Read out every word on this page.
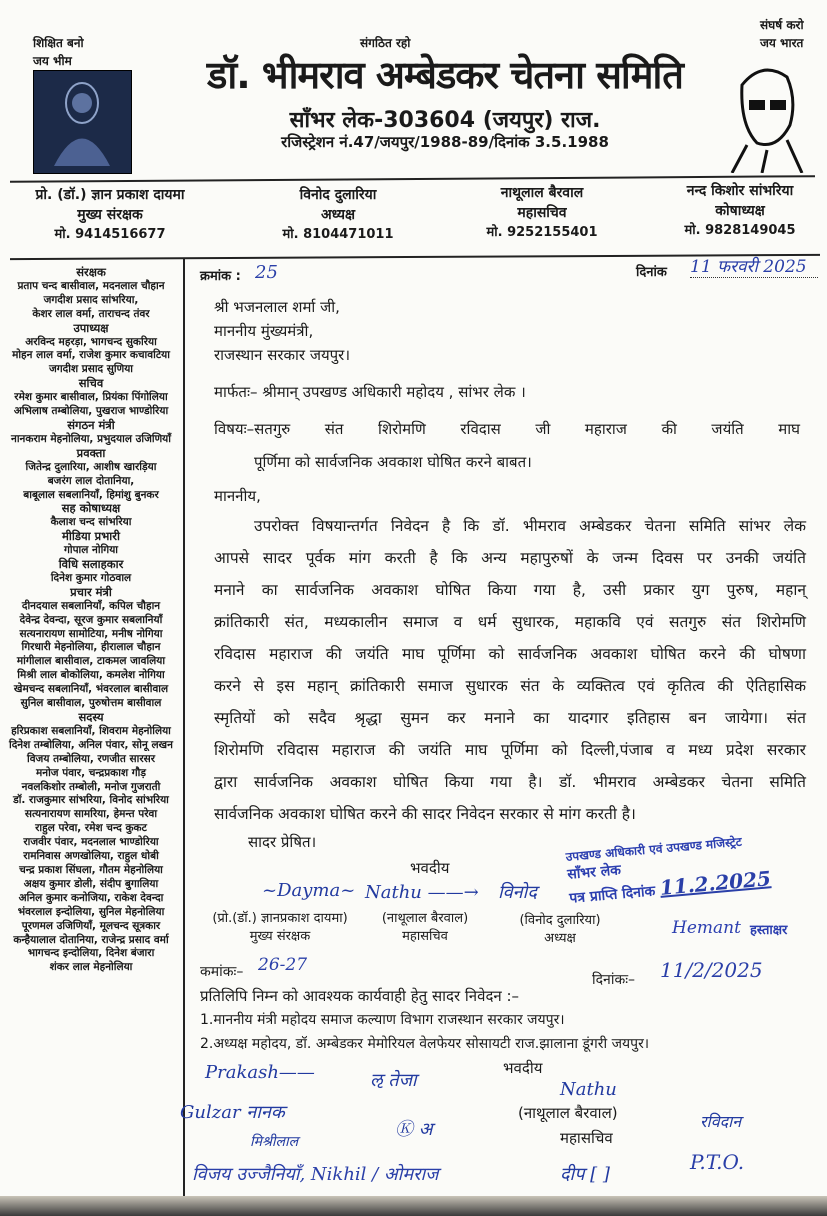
शिक्षित बनो
जय भीम
संगठित रहो
संघर्ष करो
जय भारत
डॉ. भीमराव अम्बेडकर चेतना समिति
साँभर लेक-303604 (जयपुर) राज.
रजिस्ट्रेशन नं.47/जयपुर/1988-89/दिनांक 3.5.1988
प्रो. (डॉ.) ज्ञान प्रकाश दायमा
मुख्य संरक्षक
मो. 9414516677
विनोद दुलारिया
अध्यक्ष
मो. 8104471011
नाथूलाल बैरवाल
महासचिव
मो. 9252155401
नन्द किशोर सांभरिया
कोषाध्यक्ष
मो. 9828149045
संरक्षक
प्रताप चन्द बासीवाल, मदनलाल चौहान
जगदीश प्रसाद सांभरिया,
केशर लाल वर्मा, ताराचन्द तंवर
उपाध्यक्ष
अरविन्द महरड़ा, भागचन्द सुकरिया
मोहन लाल वर्मा, राजेश कुमार कचावटिया
जगदीश प्रसाद सुणिया
सचिव
रमेश कुमार बासीवाल, प्रियंका पिंगोलिया
अभिलाष तम्बोलिया, पुखराज भाण्डोरिया
संगठन मंत्री
नानकराम मेहनोलिया, प्रभुदयाल उजिणियाँ
प्रवक्ता
जितेन्द्र दुलारिया, आशीष खारड़िया
बजरंग लाल दोतानिया,
बाबूलाल सबलानियाँ, हिमांशु बुनकर
सह कोषाध्यक्ष
कैलाश चन्द सांभरिया
मीडिया प्रभारी
गोपाल नोगिया
विधि सलाहकार
दिनेश कुमार गोठवाल
प्रचार मंत्री
दीनदयाल सबलानियाँ, कपिल चौहान
देवेन्द्र देवन्दा, सूरज कुमार सबलानियाँ
सत्यनारायण सामोटिया, मनीष नोगिया
गिरधारी मेहनोलिया, हीरालाल चौहान
मांगीलाल बासीवाल, टाकमल जावलिया
मिश्री लाल बोकोलिया, कमलेश नोगिया
खेमचन्द सबलानियाँ, भंवरलाल बासीवाल
सुनिल बासीवाल, पुरुषोत्तम बासीवाल
सदस्य
हरिप्रकाश सबलानियाँ, शिवराम मेहनोलिया
दिनेश तम्बोलिया, अनिल पंवार, सोनू लखन
विजय तम्बोलिया, रणजीत सारसर
मनोज पंवार, चन्द्रप्रकाश गौड़
नवलकिशोर तम्बोली, मनोज गुजराती
डॉ. राजकुमार सांभरिया, विनोद सांभरिया
सत्यनारायण सामरिया, हेमन्त परेवा
राहुल परेवा, रमेश चन्द कुकट
राजवीर पंवार, मदनलाल भाण्डोरिया
रामनिवास अणखोलिया, राहुल धोबी
चन्द्र प्रकाश सिंघला, गौतम मेहनोलिया
अक्षय कुमार डोली, संदीप बुगालिया
अनिल कुमार कनोजिया, राकेश देवन्दा
भंवरलाल इन्दोलिया, सुनिल मेहनोलिया
पूरणमल उजिणियाँ, मूलचन्द सूत्रकार
कन्हैयालाल दोतानिया, राजेन्द्र प्रसाद वर्मा
भागचन्द इन्दोलिया, दिनेश बंजारा
शंकर लाल मेहनोलिया
क्रमांक : 25	दिनांक 11 फरवरी 2025
श्री भजनलाल शर्मा जी,
माननीय मुंख्यमंत्री,
राजस्थान सरकार जयपुर।
मार्फतः– श्रीमान् उपखण्ड अधिकारी महोदय , सांभर लेक ।
विषयः–सतगुरु संत शिरोमणि रविदास जी महाराज की जयंति माघ
पूर्णिमा को सार्वजनिक अवकाश घोषित करने बाबत।
माननीय,
उपरोक्त विषयान्तर्गत निवेदन है कि डॉ. भीमराव अम्बेडकर चेतना समिति सांभर लेक
आपसे सादर पूर्वक मांग करती है कि अन्य महापुरुषों के जन्म दिवस पर उनकी जयंति
मनाने का सार्वजनिक अवकाश घोषित किया गया है, उसी प्रकार युग पुरुष, महान्
क्रांतिकारी संत, मध्यकालीन समाज व धर्म सुधारक, महाकवि एवं सतगुरु संत शिरोमणि
रविदास महाराज की जयंति माघ पूर्णिमा को सार्वजनिक अवकाश घोषित करने की घोषणा
करने से इस महान् क्रांतिकारी समाज सुधारक संत के व्यक्तित्व एवं कृतित्व की ऐतिहासिक
स्मृतियों को सदैव श्रृद्धा सुमन कर मनाने का यादगार इतिहास बन जायेगा। संत
शिरोमणि रविदास महाराज की जयंति माघ पूर्णिमा को दिल्ली,पंजाब व मध्य प्रदेश सरकार
द्वारा सार्वजनिक अवकाश घोषित किया गया है। डॉ. भीमराव अम्बेडकर चेतना समिति
सार्वजनिक अवकाश घोषित करने की सादर निवेदन सरकार से मांग करती है।
सादर प्रेषित।
भवदीय
~Dayma~ Nathu ——→ विनोद
(प्रो.(डॉ.) ज्ञानप्रकाश दायमा)
मुख्य संरक्षक
(नाथूलाल बैरवाल)
महासचिव
(विनोद दुलारिया)
अध्यक्ष
उपखण्ड अधिकारी एवं उपखण्ड मजिस्ट्रेट
साँभर लेक
पत्र प्राप्ति दिनांक 11.2.2025
Hemant हस्ताक्षर
कमांकः– 26-27
दिनांकः– 11/2/2025
प्रतिलिपि निम्न को आवश्यक कार्यवाही हेतु सादर निवेदन :–
1.माननीय मंत्री महोदय समाज कल्याण विभाग राजस्थान सरकार जयपुर।
2.अध्यक्ष महोदय, डॉ. अम्बेडकर मेमोरियल वेलफेयर सोसायटी राज.झालाना डूंगरी जयपुर।
भवदीय
Nathu
(नाथूलाल बैरवाल)
महासचिव
Prakash——
Gulzar नानक
ऌ तेजा
Ⓚ अ
मिश्रीलाल
रविदान
विजय उज्जैनियाँ, Nikhil / ओमराज	दीप [ ]
P.T.O.
